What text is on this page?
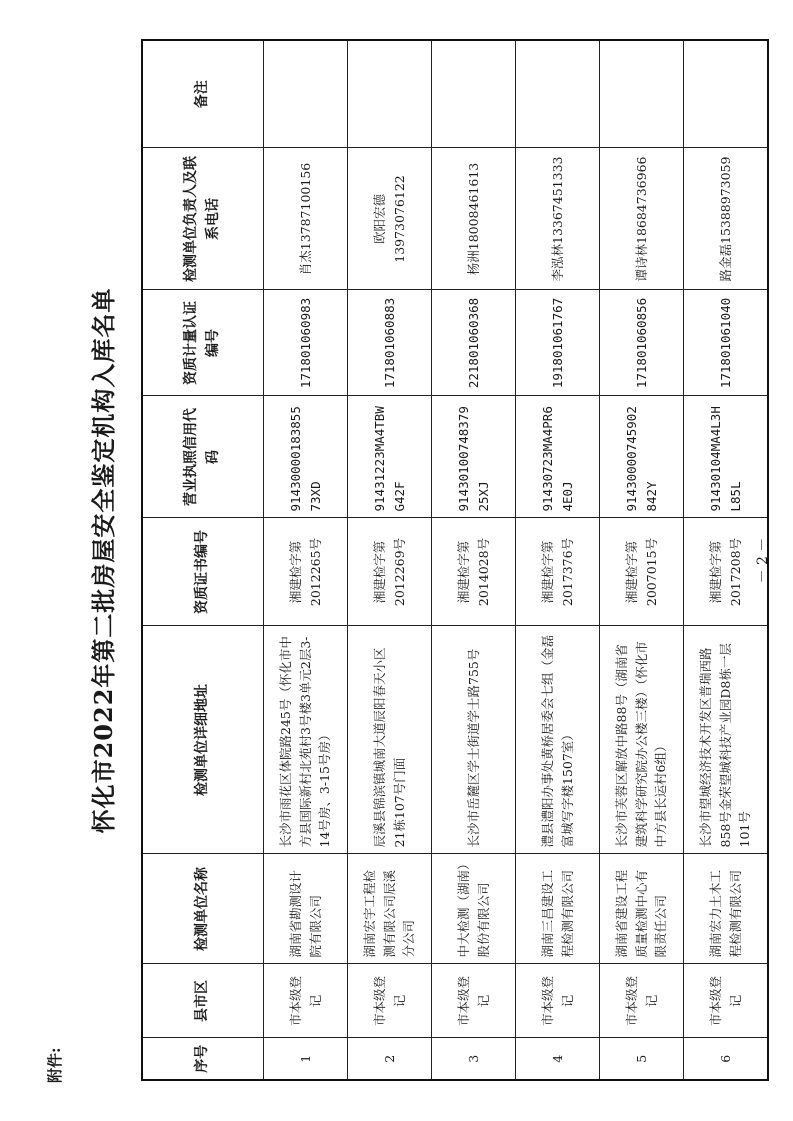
附件:
怀化市2022年第二批房屋安全鉴定机构入库名单
序号	县市区	检测单位名称	检测单位详细地址	资质证书编号	营业执照信用代码	资质计量认证编号	检测单位负责人及联系电话	备注
1	市本级登记	湖南省勘测设计院有限公司	长沙市雨花区体院路245号（怀化市中方县国际新村北苑村3号楼3单元2层3-14号房、3-15号房）	湘建检字第2012265号	91430000183855 73XD	171801060983	肖杰13787100156	
2	市本级登记	湖南宏宇工程检测有限公司辰溪分公司	辰溪县锦滨镇城南大道辰阳春天小区21栋107号门面	湘建检字第2012269号	91431223MA4TBWG42F	171801060883	欧阳宏德13973076122	
3	市本级登记	中大检测（湖南）股份有限公司	长沙市岳麓区学士街道学士路755号	湘建检字第2014028号	91430100748379 25XJ	221801060368	杨洲18008461613	
4	市本级登记	湖南三昌建设工程检测有限公司	澧县澧阳办事处黄桥居委会七组（金磊富城写字楼1507室）	湘建检字第2017376号	91430723MA4PR64E0J	191801061767	李泓林13367451333	
5	市本级登记	湖南省建设工程质量检测中心有限责任公司	长沙市芙蓉区解放中路88号（湖南省建筑科学研究院办公楼三楼）（怀化市中方县长运村6组）	湘建检字第2007015号	91430000745902 842Y	171801060856	谭诗林18684736966	
6	市本级登记	湖南宏力土木工程检测有限公司	长沙市望城经济技术开发区普瑞西路858号金荣望城科技产业园D8栋一层101号	湘建检字第2017208号	91430104MA4L3HL85L	171801061040	路金磊15388973059	
－ 2 －
